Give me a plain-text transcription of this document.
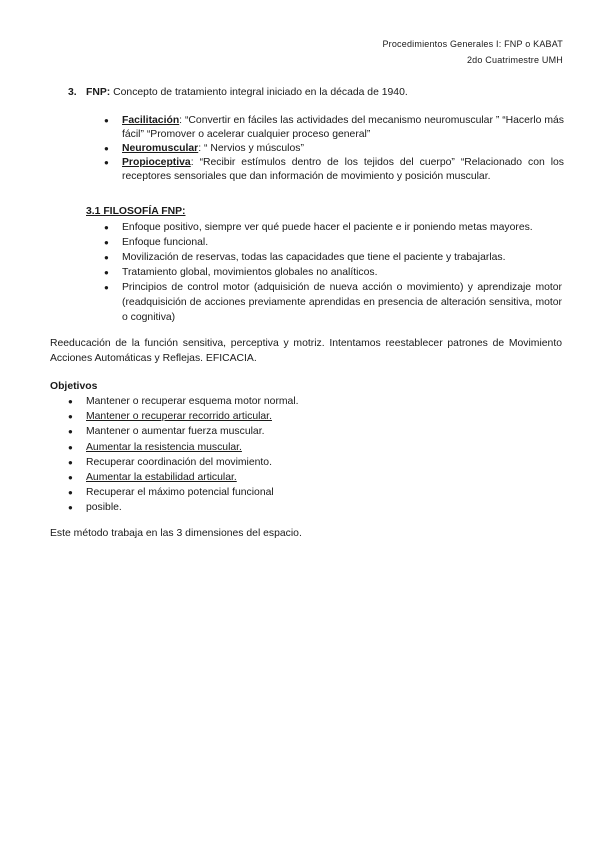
Procedimientos Generales I: FNP o KABAT
2do Cuatrimestre UMH
3. FNP: Concepto de tratamiento integral iniciado en la década de 1940.
● Facilitación: “Convertir en fáciles las actividades del mecanismo neuromuscular ” “Hacerlo más fácil” “Promover o acelerar cualquier proceso general”
● Neuromuscular: “ Nervios y músculos”
● Propioceptiva: “Recibir estímulos dentro de los tejidos del cuerpo” “Relacionado con los receptores sensoriales que dan información de movimiento y posición muscular.
3.1 FILOSOFÍA FNP:
● Enfoque positivo, siempre ver qué puede hacer el paciente e ir poniendo metas mayores.
● Enfoque funcional.
● Movilización de reservas, todas las capacidades que tiene el paciente y trabajarlas.
● Tratamiento global, movimientos globales no analíticos.
● Principios de control motor (adquisición de nueva acción o movimiento) y aprendizaje motor (readquisición de acciones previamente aprendidas en presencia de alteración sensitiva, motor o cognitiva)
Reeducación de la función sensitiva, perceptiva y motriz. Intentamos reestablecer patrones de Movimiento Acciones Automáticas y Reflejas. EFICACIA.
Objetivos
● Mantener o recuperar esquema motor normal.
● Mantener o recuperar recorrido articular.
● Mantener o aumentar fuerza muscular.
● Aumentar la resistencia muscular.
● Recuperar coordinación del movimiento.
● Aumentar la estabilidad articular.
● Recuperar el máximo potencial funcional
● posible.
Este método trabaja en las 3 dimensiones del espacio.
